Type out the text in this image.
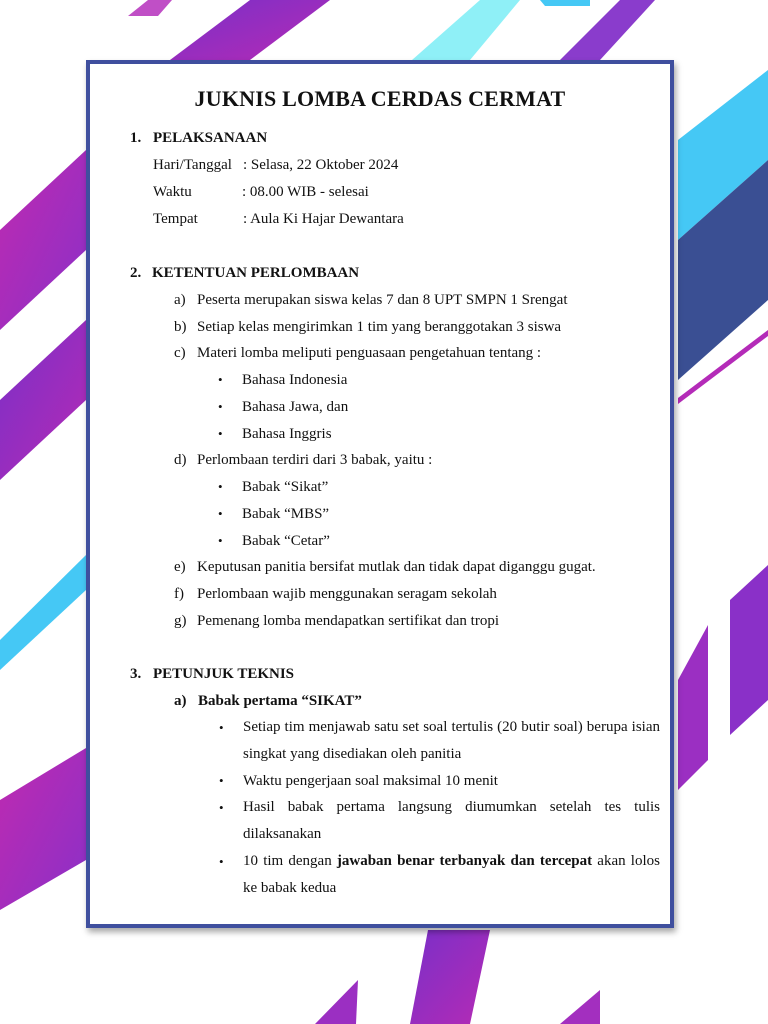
JUKNIS LOMBA CERDAS CERMAT
1. PELAKSANAAN
Hari/Tanggal : Selasa, 22 Oktober 2024
Waktu	: 08.00 WIB - selesai
Tempat	: Aula Ki Hajar Dewantara
2. KETENTUAN PERLOMBAAN
a) Peserta merupakan siswa kelas 7 dan 8 UPT SMPN 1 Srengat
b) Setiap kelas mengirimkan 1 tim yang beranggotakan 3 siswa
c) Materi lomba meliputi penguasaan pengetahuan tentang :
• Bahasa Indonesia
• Bahasa Jawa, dan
• Bahasa Inggris
d) Perlombaan terdiri dari 3 babak, yaitu :
• Babak “Sikat”
• Babak “MBS”
• Babak “Cetar”
e) Keputusan panitia bersifat mutlak dan tidak dapat diganggu gugat.
f) Perlombaan wajib menggunakan seragam sekolah
g) Pemenang lomba mendapatkan sertifikat dan tropi
3. PETUNJUK TEKNIS
a) Babak pertama “SIKAT”
• Setiap tim menjawab satu set soal tertulis (20 butir soal) berupa isian singkat yang disediakan oleh panitia
• Waktu pengerjaan soal maksimal 10 menit
• Hasil babak pertama langsung diumumkan setelah tes tulis dilaksanakan
• 10 tim dengan jawaban benar terbanyak dan tercepat akan lolos ke babak kedua
